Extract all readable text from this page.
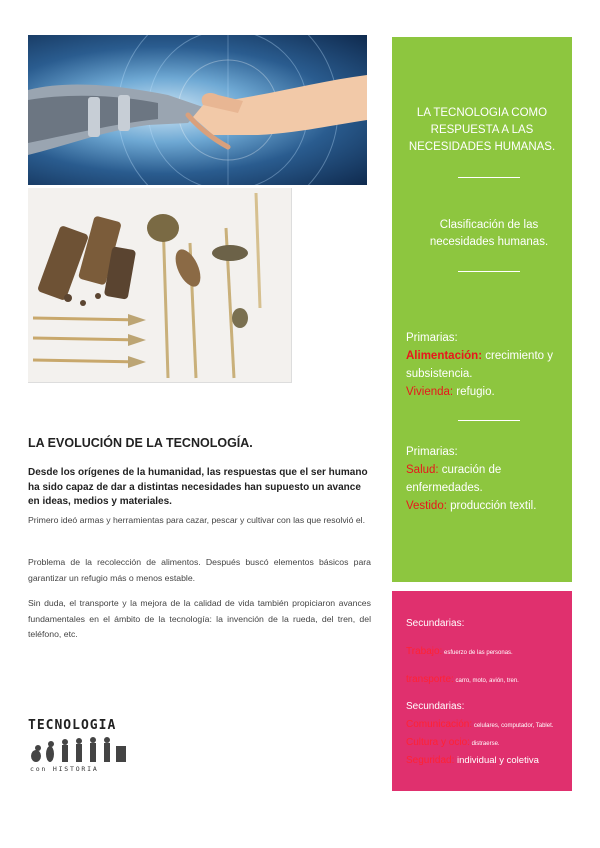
LA EVOLUCIÓN DE LA TECNOLOGÍA.

Desde los orígenes de la humanidad, las respuestas que el ser humano ha sido capaz de dar a distintas necesidades han supuesto un avance en ideas, medios y materiales.

Primero ideó armas y herramientas para cazar, pescar y cultivar con las que resolvió el.

Problema de la recolección de alimentos. Después buscó elementos básicos para garantizar un refugio más o menos estable.

Sin duda, el transporte y la mejora de la calidad de vida también propiciaron avances fundamentales en el ámbito de la tecnología: la invención de la rueda, del tren, del teléfono, etc.

TECNOLOGIA
con HISTORIA
LA TECNOLOGIA COMO RESPUESTA A LAS NECESIDADES HUMANAS.
Clasificación de las necesidades humanas.
Primarias:
Alimentación: crecimiento y subsistencia.
Vivienda: refugio.
Primarias:
Salud: curación de enfermedades.
Vestido: producción textil.
Secundarias:
Trabajo: esfuerzo de las personas.
transporte: carro, moto, avión, tren.
Secundarias:
Comunicación: celulares, computador, Tablet.
Cultura y ocio: distraerse.
Seguridad: individual y coletiva
